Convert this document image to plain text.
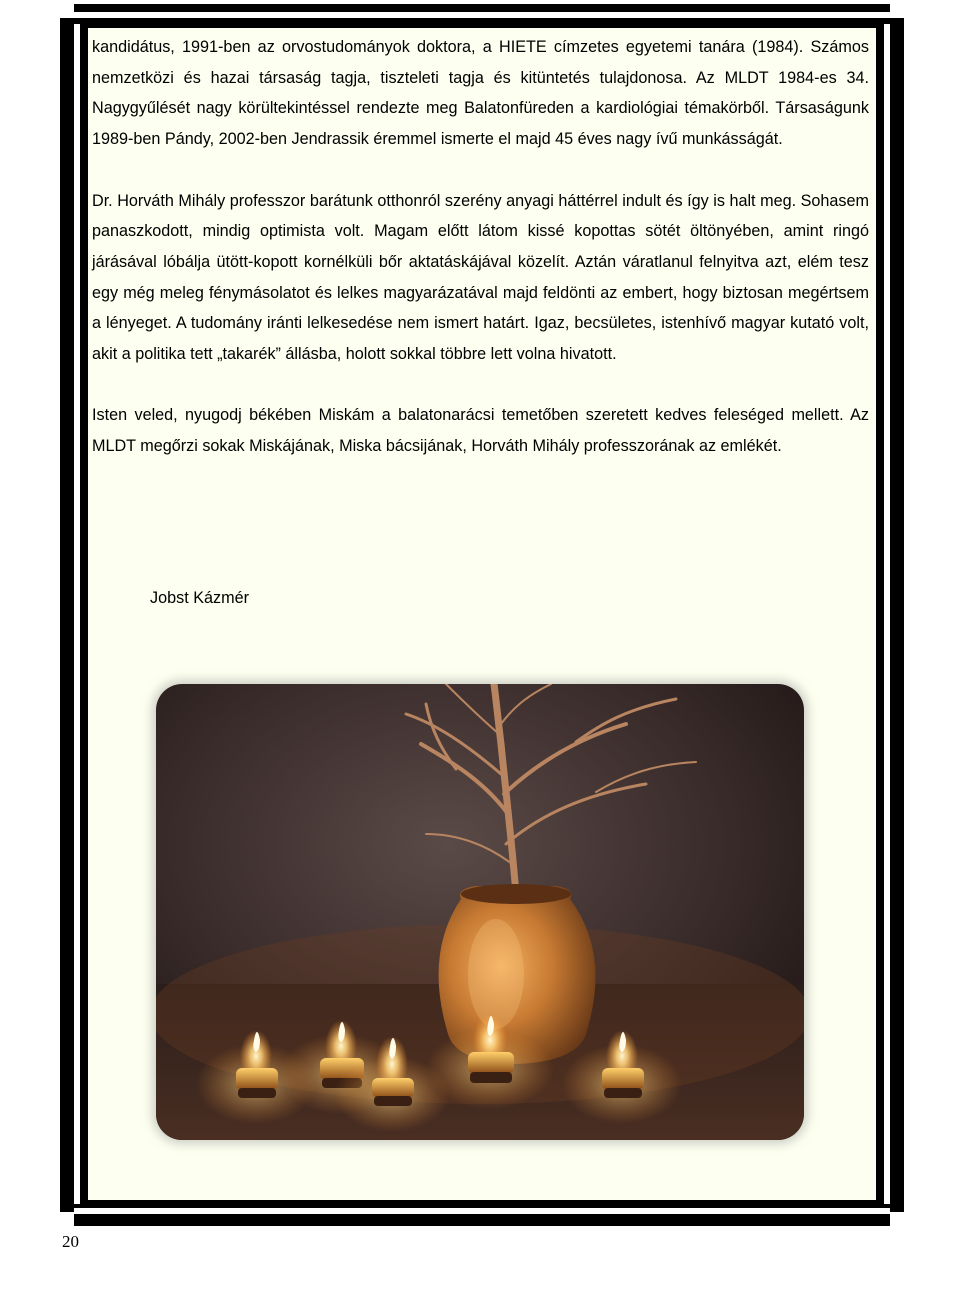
kandidátus, 1991-ben az orvostudományok doktora, a HIETE címzetes egyetemi tanára (1984). Számos nemzetközi és hazai társaság tagja, tiszteleti tagja és kitüntetés tulajdonosa. Az MLDT 1984-es 34. Nagygyűlését nagy körültekintéssel rendezte meg Balatonfüreden a kardiológiai témakörből. Társaságunk 1989-ben Pándy, 2002-ben Jendrassik éremmel ismerte el majd 45 éves nagy ívű munkásságát.

Dr. Horváth Mihály professzor barátunk otthonról szerény anyagi háttérrel indult és így is halt meg. Sohasem panaszkodott, mindig optimista volt. Magam előtt látom kissé kopottas sötét öltönyében, amint ringó járásával lóbálja ütött-kopott kornélküli bőr aktatáskájával közelít. Aztán váratlanul felnyitva azt, elém tesz egy még meleg fénymásolatot és lelkes magyarázatával majd feldönti az embert, hogy biztosan megértsem a lényeget. A tudomány iránti lelkesedése nem ismert határt. Igaz, becsületes, istenhívő magyar kutató volt, akit a politika tett „takarék” állásba, holott sokkal többre lett volna hivatott.

Isten veled, nyugodj békében Miskám a balatonarácsi temetőben szeretett kedves feleséged mellett. Az MLDT megőrzi sokak Miskájának, Miska bácsijának, Horváth Mihály professzorának az emlékét.

Jobst Kázmér
20
